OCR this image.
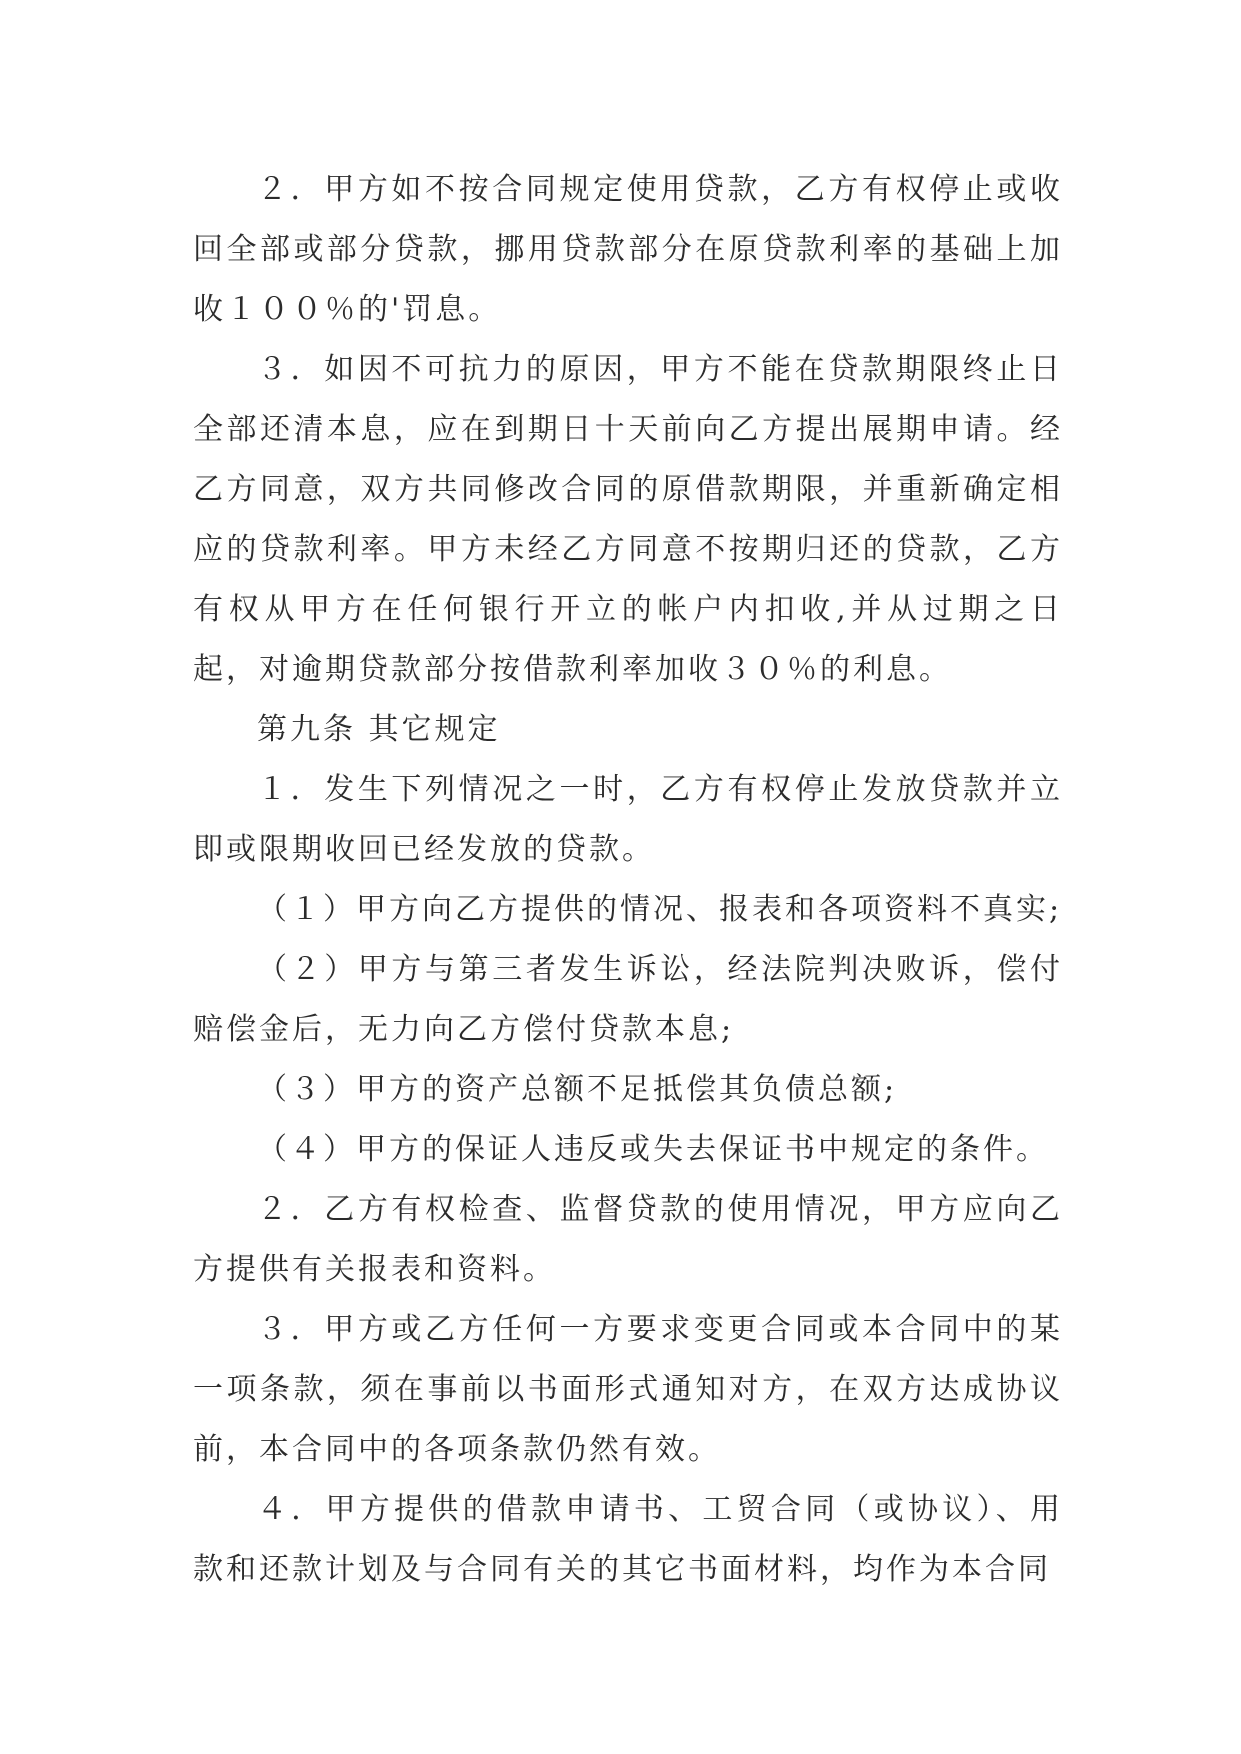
２．甲方如不按合同规定使用贷款，乙方有权停止或收回全部或部分贷款，挪用贷款部分在原贷款利率的基础上加收１００％的'罚息。

３．如因不可抗力的原因，甲方不能在贷款期限终止日全部还清本息，应在到期日十天前向乙方提出展期申请。经乙方同意，双方共同修改合同的原借款期限，并重新确定相应的贷款利率。甲方未经乙方同意不按期归还的贷款，乙方有权从甲方在任何银行开立的帐户内扣收,并从过期之日起，对逾期贷款部分按借款利率加收３０％的利息。

第九条 其它规定

１．发生下列情况之一时，乙方有权停止发放贷款并立即或限期收回已经发放的贷款。

（１）甲方向乙方提供的情况、报表和各项资料不真实;

（２）甲方与第三者发生诉讼，经法院判决败诉，偿付赔偿金后，无力向乙方偿付贷款本息;

（３）甲方的资产总额不足抵偿其负债总额;

（４）甲方的保证人违反或失去保证书中规定的条件。

２．乙方有权检查、监督贷款的使用情况，甲方应向乙方提供有关报表和资料。

３．甲方或乙方任何一方要求变更合同或本合同中的某一项条款，须在事前以书面形式通知对方，在双方达成协议前，本合同中的各项条款仍然有效。

４．甲方提供的借款申请书、工贸合同（或协议）、用款和还款计划及与合同有关的其它书面材料，均作为本合同
